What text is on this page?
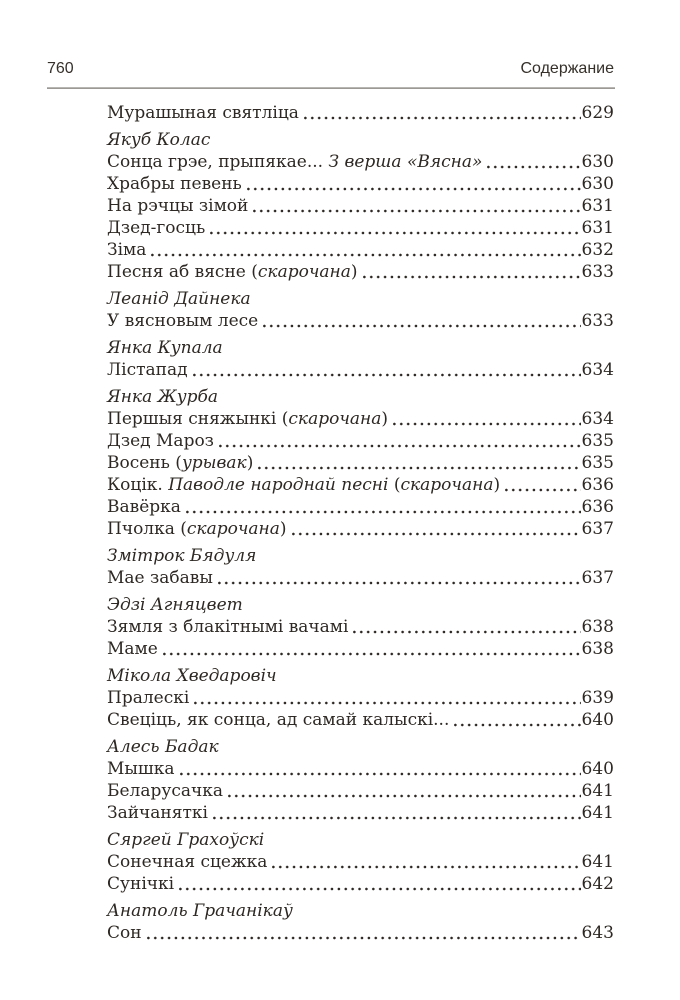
760	Содержание
Мурашыная святліца	629
Якуб Колас
Сонца грэе, прыпякае... З верша «Вясна»	630
Храбры певень	630
На рэчцы зімой	631
Дзед-госць	631
Зіма	632
Песня аб вясне (скарочана)	633
Леанід Дайнека
У вясновым лесе	633
Янка Купала
Лістапад	634
Янка Журба
Першыя сняжынкі (скарочана)	634
Дзед Мароз	635
Восень (урывак)	635
Коцік. Паводле народнай песні (скарочана)	636
Вавёрка	636
Пчолка (скарочана)	637
Змітрок Бядуля
Мае забавы	637
Эдзі Агняцвет
Зямля з блакітнымі вачамі	638
Маме	638
Мікола Хведаровіч
Пралескі	639
Свеціць, як сонца, ад самай калыскі...	640
Алесь Бадак
Мышка	640
Беларусачка	641
Зайчаняткі	641
Сяргей Грахоўскі
Сонечная сцежка	641
Сунічкі	642
Анатоль Грачанікаў
Сон	643
